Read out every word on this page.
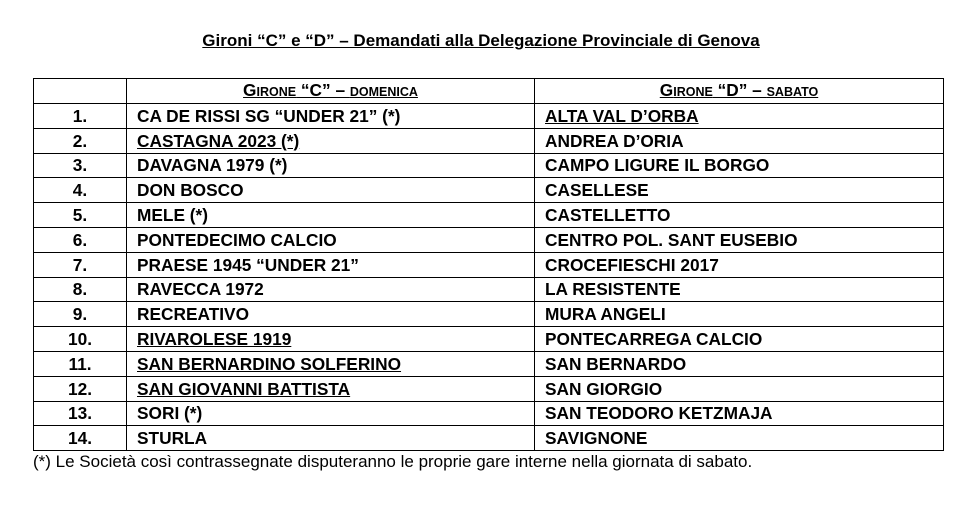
Gironi “C” e “D” – Demandati alla Delegazione Provinciale di Genova
	GIRONE “C” – DOMENICA	GIRONE “D” – SABATO
1.	CA DE RISSI SG “UNDER 21” (*)	ALTA VAL D’ORBA
2.	CASTAGNA 2023 (*)	ANDREA D’ORIA
3.	DAVAGNA 1979 (*)	CAMPO LIGURE IL BORGO
4.	DON BOSCO	CASELLESE
5.	MELE (*)	CASTELLETTO
6.	PONTEDECIMO CALCIO	CENTRO POL. SANT EUSEBIO
7.	PRAESE 1945 “UNDER 21”	CROCEFIESCHI 2017
8.	RAVECCA 1972	LA RESISTENTE
9.	RECREATIVO	MURA ANGELI
10.	RIVAROLESE 1919	PONTECARREGA CALCIO
11.	SAN BERNARDINO SOLFERINO	SAN BERNARDO
12.	SAN GIOVANNI BATTISTA	SAN GIORGIO
13.	SORI (*)	SAN TEODORO KETZMAJA
14.	STURLA	SAVIGNONE
(*) Le Società così contrassegnate disputeranno le proprie gare interne nella giornata di sabato.
